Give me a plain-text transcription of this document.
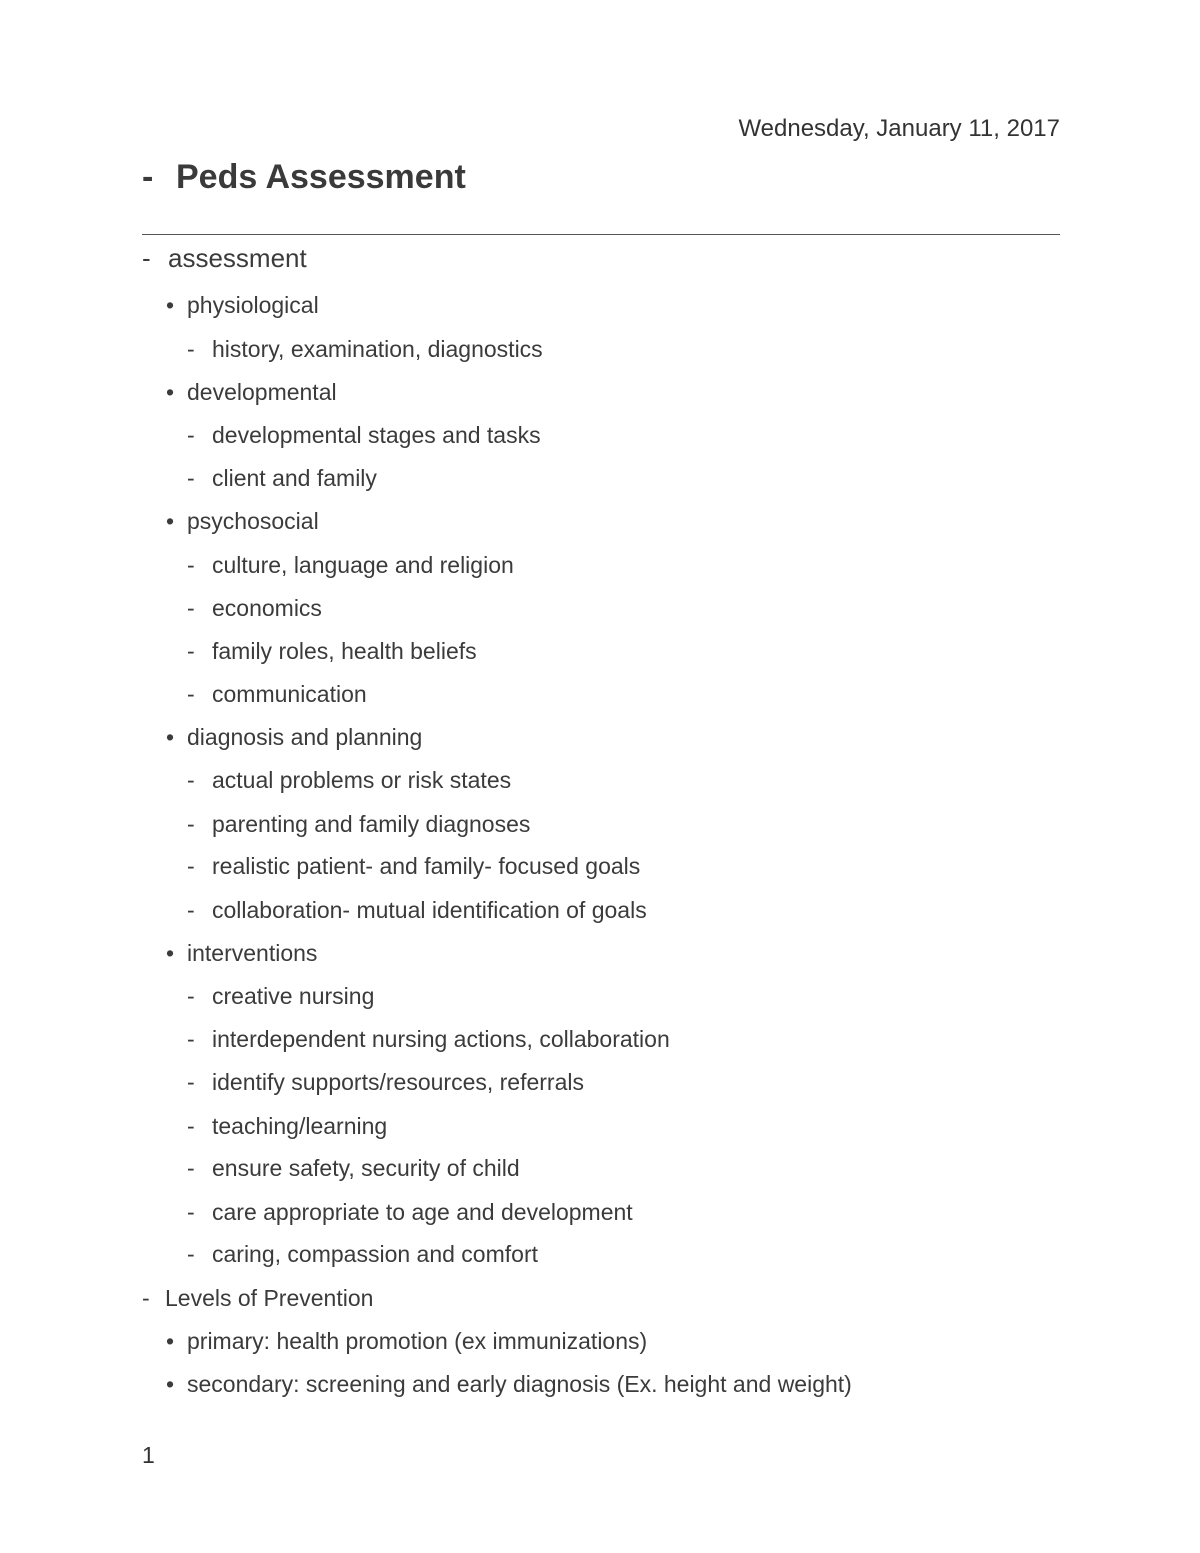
Wednesday, January 11, 2017
- Peds Assessment
- assessment
• physiological
- history, examination, diagnostics
• developmental
- developmental stages and tasks
- client and family
• psychosocial
- culture, language and religion
- economics
- family roles, health beliefs
- communication
• diagnosis and planning
- actual problems or risk states
- parenting and family diagnoses
- realistic patient- and family- focused goals
- collaboration- mutual identification of goals
• interventions
- creative nursing
- interdependent nursing actions, collaboration
- identify supports/resources, referrals
- teaching/learning
- ensure safety, security of child
- care appropriate to age and development
- caring, compassion and comfort
- Levels of Prevention
• primary: health promotion (ex immunizations)
• secondary: screening and early diagnosis (Ex. height and weight)
1
